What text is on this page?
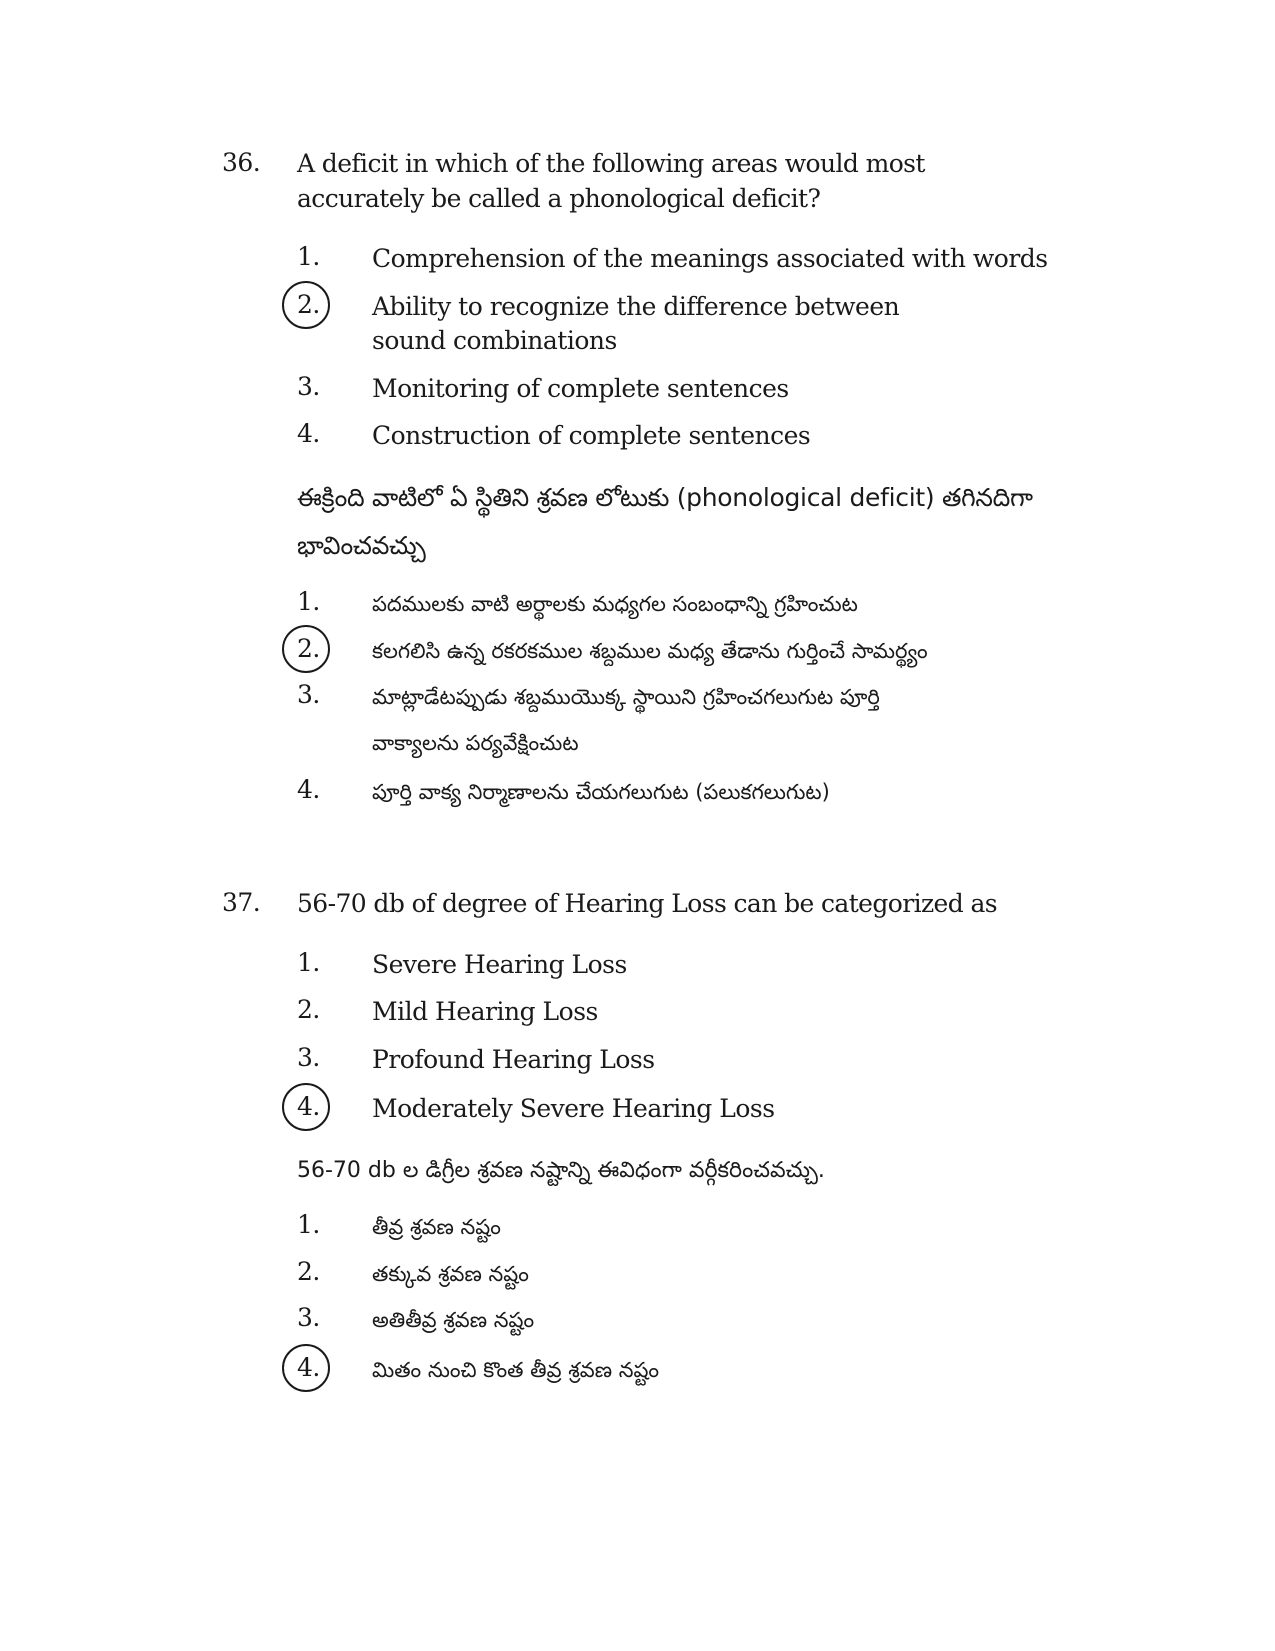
36. A deficit in which of the following areas would most accurately be called a phonological deficit?
1.	Comprehension of the meanings associated with words
2.	Ability to recognize the difference between sound combinations
3.	Monitoring of complete sentences
4.	Construction of complete sentences
ఈక్రింది వాటిలో ఏ స్థితిని శ్రవణ లోటుకు (phonological deficit) తగినదిగా భావించవచ్చు
1.	పదములకు వాటి అర్థాలకు మధ్యగల సంబంధాన్ని గ్రహించుట
2.	కలగలిసి ఉన్న రకరకముల శబ్దముల మధ్య తేడాను గుర్తించే సామర్థ్యం
3.	మాట్లాడేటప్పుడు శబ్దముయొక్క స్థాయిని గ్రహించగలుగుట పూర్తి వాక్యాలను పర్యవేక్షించుట
4.	పూర్తి వాక్య నిర్మాణాలను చేయగలుగుట (పలుకగలుగుట)
37. 56-70 db of degree of Hearing Loss can be categorized as
1.	Severe Hearing Loss
2.	Mild Hearing Loss
3.	Profound Hearing Loss
4.	Moderately Severe Hearing Loss
56-70 db ల డిగ్రీల శ్రవణ నష్టాన్ని ఈవిధంగా వర్గీకరించవచ్చు.
1.	తీవ్ర శ్రవణ నష్టం
2.	తక్కువ శ్రవణ నష్టం
3.	అతితీవ్ర శ్రవణ నష్టం
4.	మితం నుంచి కొంత తీవ్ర శ్రవణ నష్టం
